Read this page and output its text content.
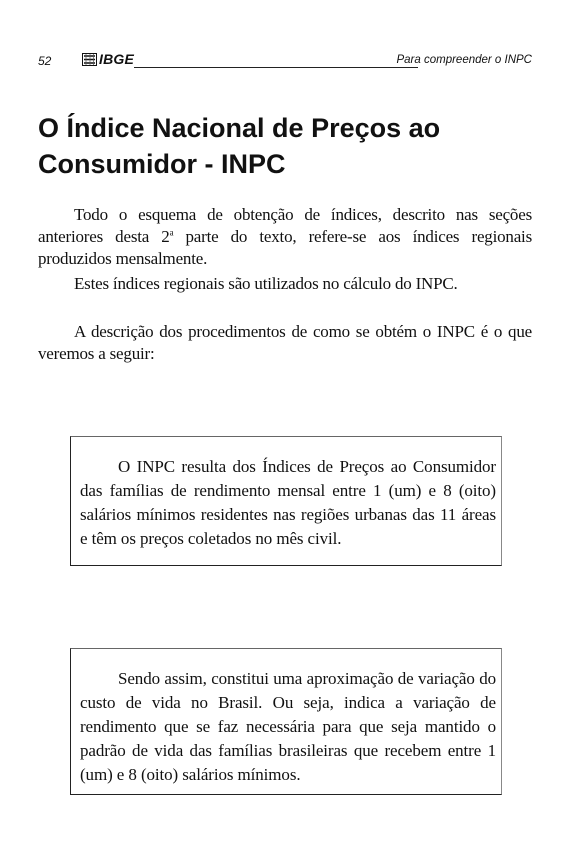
52	IBGE	Para compreender o INPC
O Índice Nacional de Preços ao
Consumidor - INPC

Todo o esquema de obtenção de índices, descrito nas seções anteriores desta 2$^a$ parte do texto, refere-se aos índices regionais produzidos mensalmente.

Estes índices regionais são utilizados no cálculo do INPC.

A descrição dos procedimentos de como se obtém o INPC é o que veremos a seguir:

O INPC resulta dos Índices de Preços ao Consumidor das famílias de rendimento mensal entre 1 (um) e 8 (oito) salários mínimos residentes nas regiões urbanas das 11 áreas e têm os preços coletados no mês civil.

Sendo assim, constitui uma aproximação de variação do custo de vida no Brasil. Ou seja, indica a variação de rendimento que se faz necessária para que seja mantido o padrão de vida das famílias brasileiras que recebem entre 1 (um) e 8 (oito) salários mínimos.
